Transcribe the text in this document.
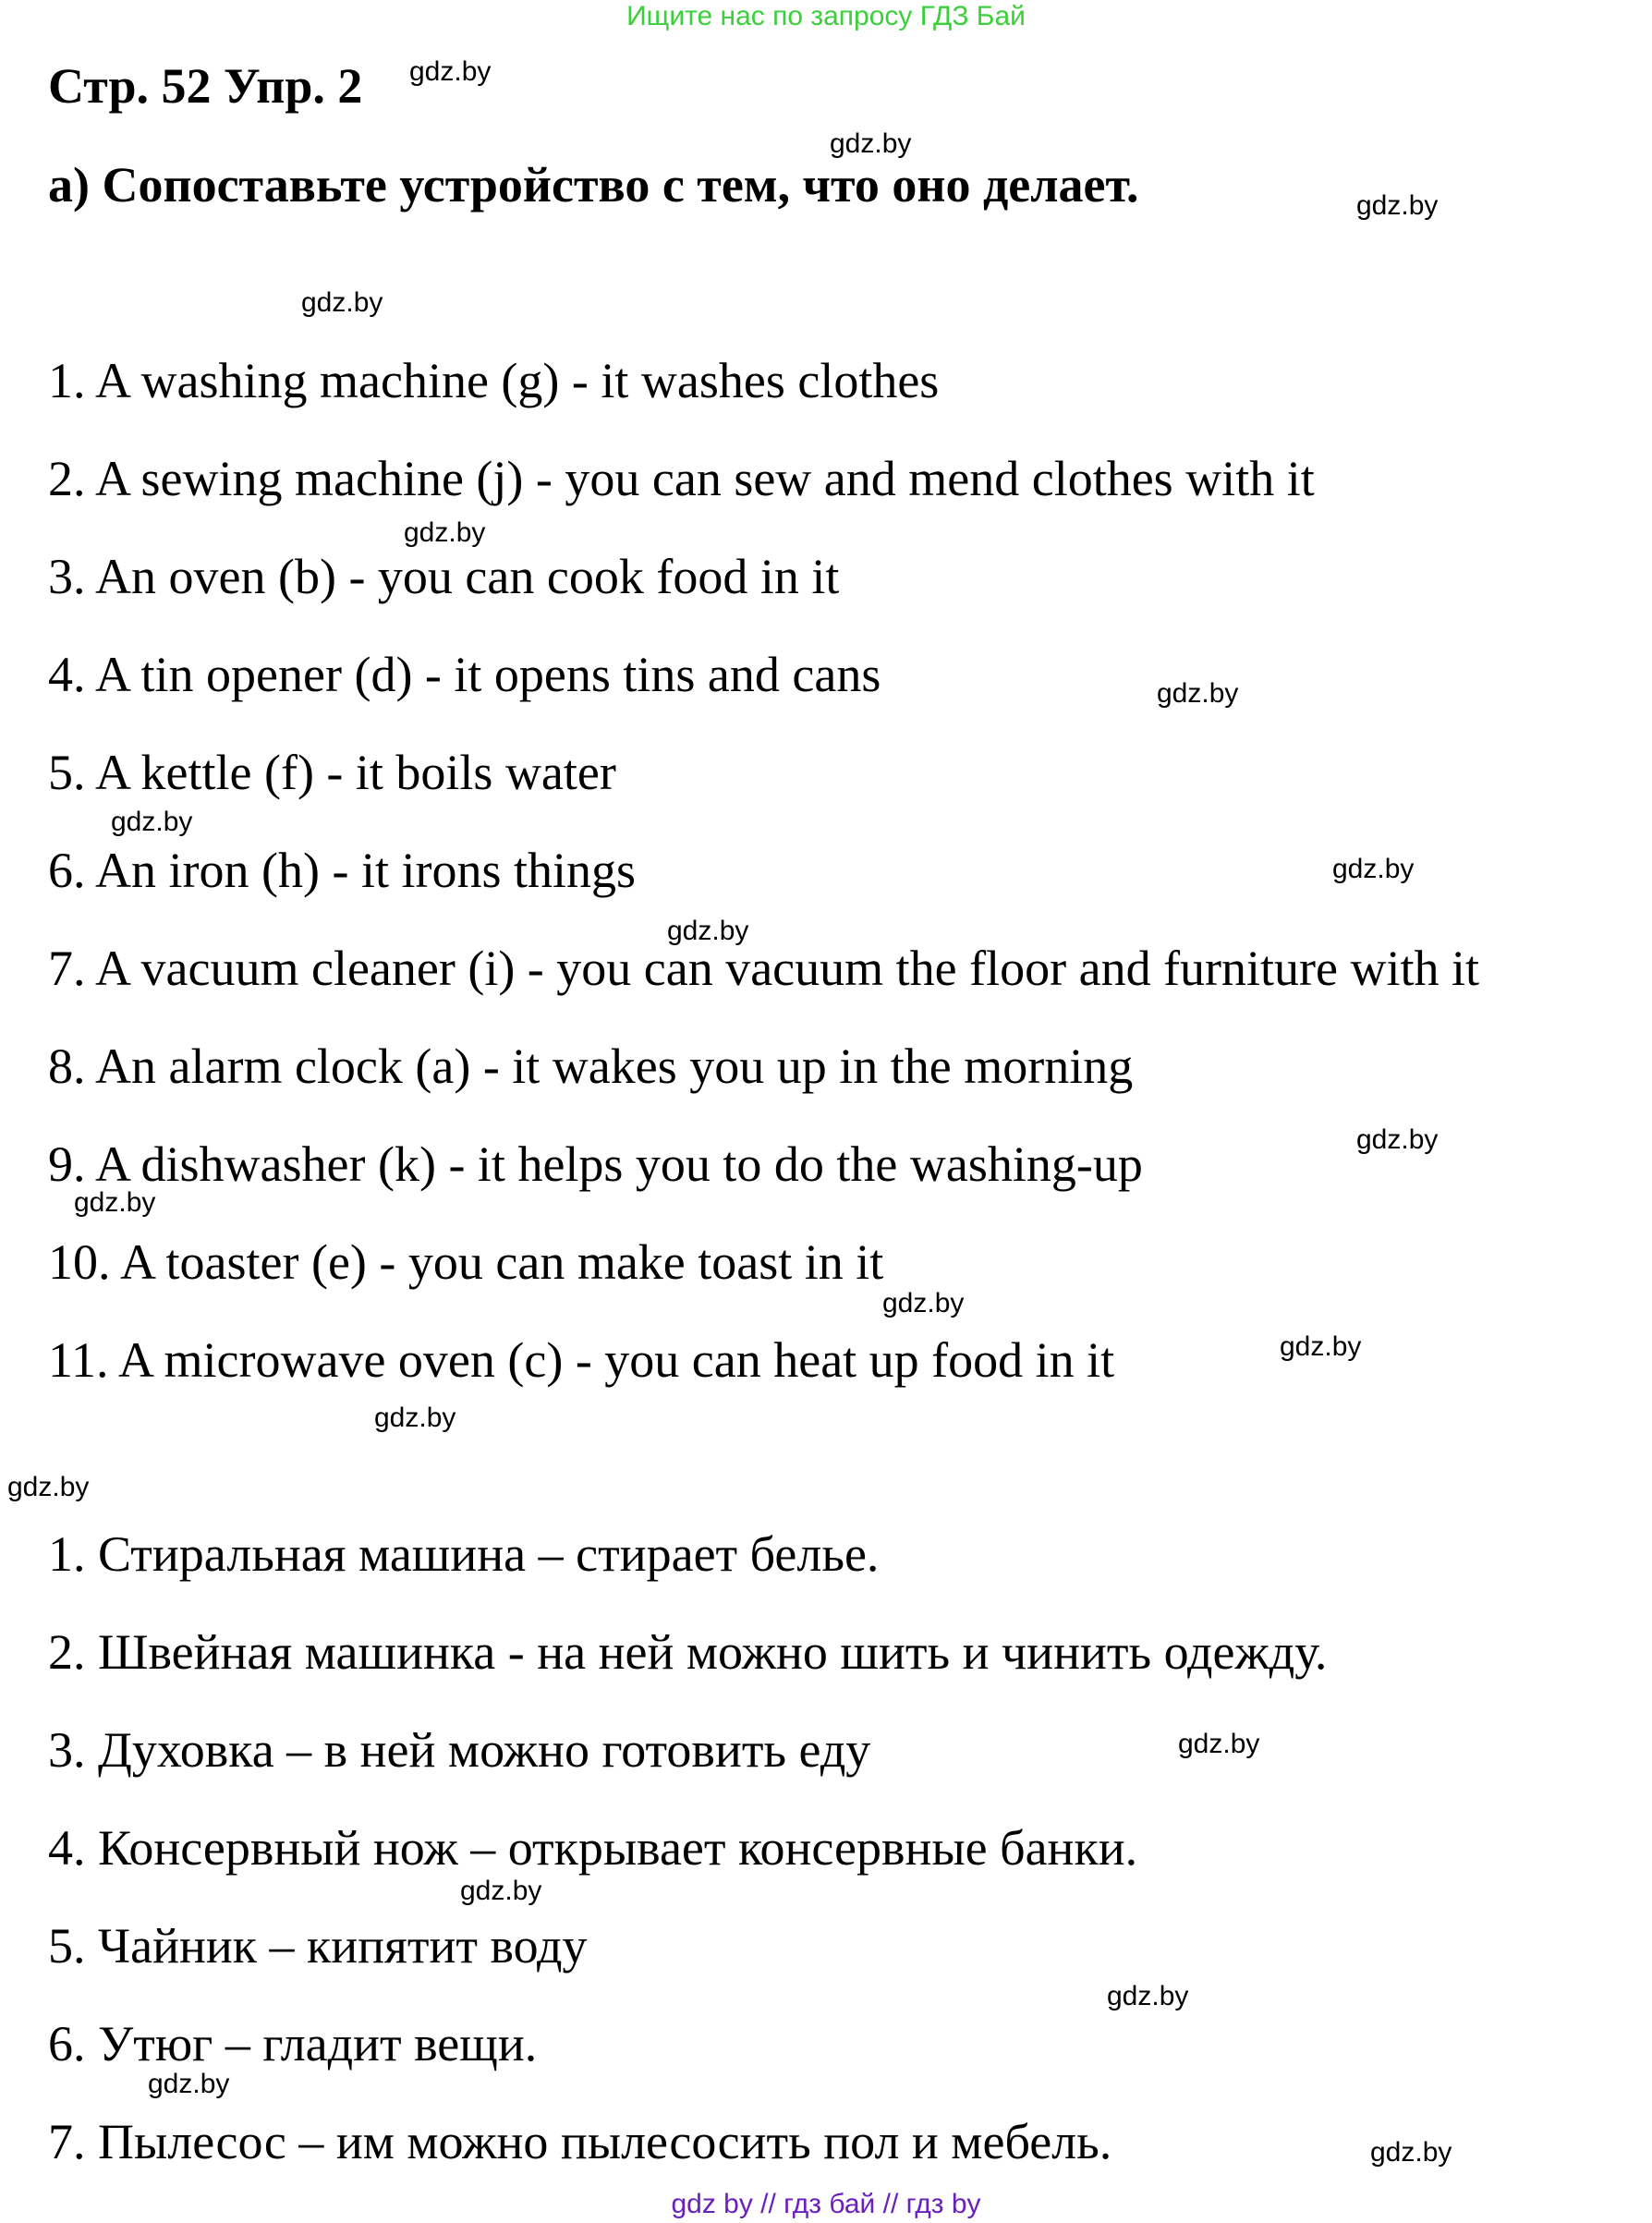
Ищите нас по запросу ГДЗ Бай
Стр. 52 Упр. 2
а) Сопоставьте устройство с тем, что оно делает.
1. A washing machine (g) - it washes clothes
2. A sewing machine (j) - you can sew and mend clothes with it
3. An oven (b) - you can cook food in it
4. A tin opener (d) - it opens tins and cans
5. A kettle (f) - it boils water
6. An iron (h) - it irons things
7. A vacuum cleaner (i) - you can vacuum the floor and furniture with it
8. An alarm clock (a) - it wakes you up in the morning
9. A dishwasher (k) - it helps you to do the washing-up
10. A toaster (e) - you can make toast in it
11. A microwave oven (c) - you can heat up food in it
1. Стиральная машина – стирает белье.
2. Швейная машинка - на ней можно шить и чинить одежду.
3. Духовка – в ней можно готовить еду
4. Консервный нож – открывает консервные банки.
5. Чайник – кипятит воду
6. Утюг – гладит вещи.
7. Пылесос – им можно пылесосить пол и мебель.
gdz.by
gdz.by
gdz.by
gdz.by
gdz.by
gdz.by
gdz.by
gdz.by
gdz.by
gdz.by
gdz.by
gdz.by
gdz.by
gdz.by
gdz.by
gdz.by
gdz.by
gdz.by
gdz.by
gdz.by
gdz by // гдз бай // гдз by
